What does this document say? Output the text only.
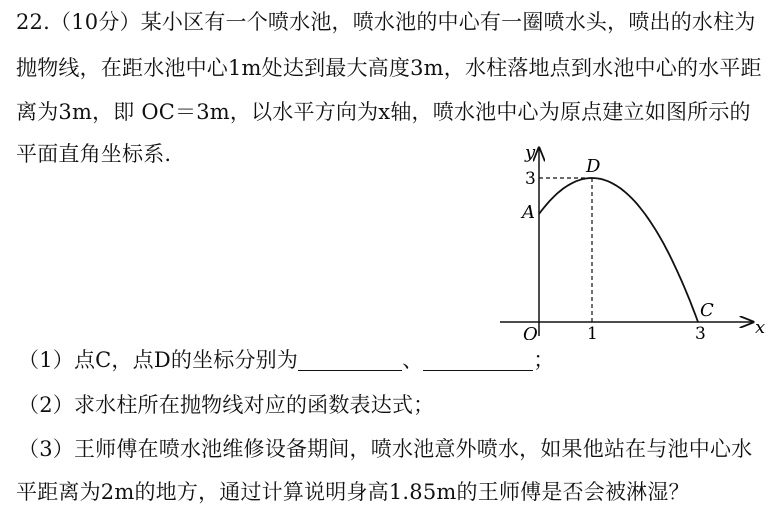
22.（10分）某小区有一个喷水池，喷水池的中心有一圈喷水头，喷出的水柱为
抛物线，在距水池中心1m处达到最大高度3m，水柱落地点到水池中心的水平距
离为3m，即 OC＝3m，以水平方向为x轴，喷水池中心为原点建立如图所示的
平面直角坐标系.	y
x
O
A
D
C
3
1	3
（1）点C，点D的坐标分别为	、	；
（2）求水柱所在抛物线对应的函数表达式；
（3）王师傅在喷水池维修设备期间，喷水池意外喷水，如果他站在与池中心水
平距离为2m的地方，通过计算说明身高1.85m的王师傅是否会被淋湿？
